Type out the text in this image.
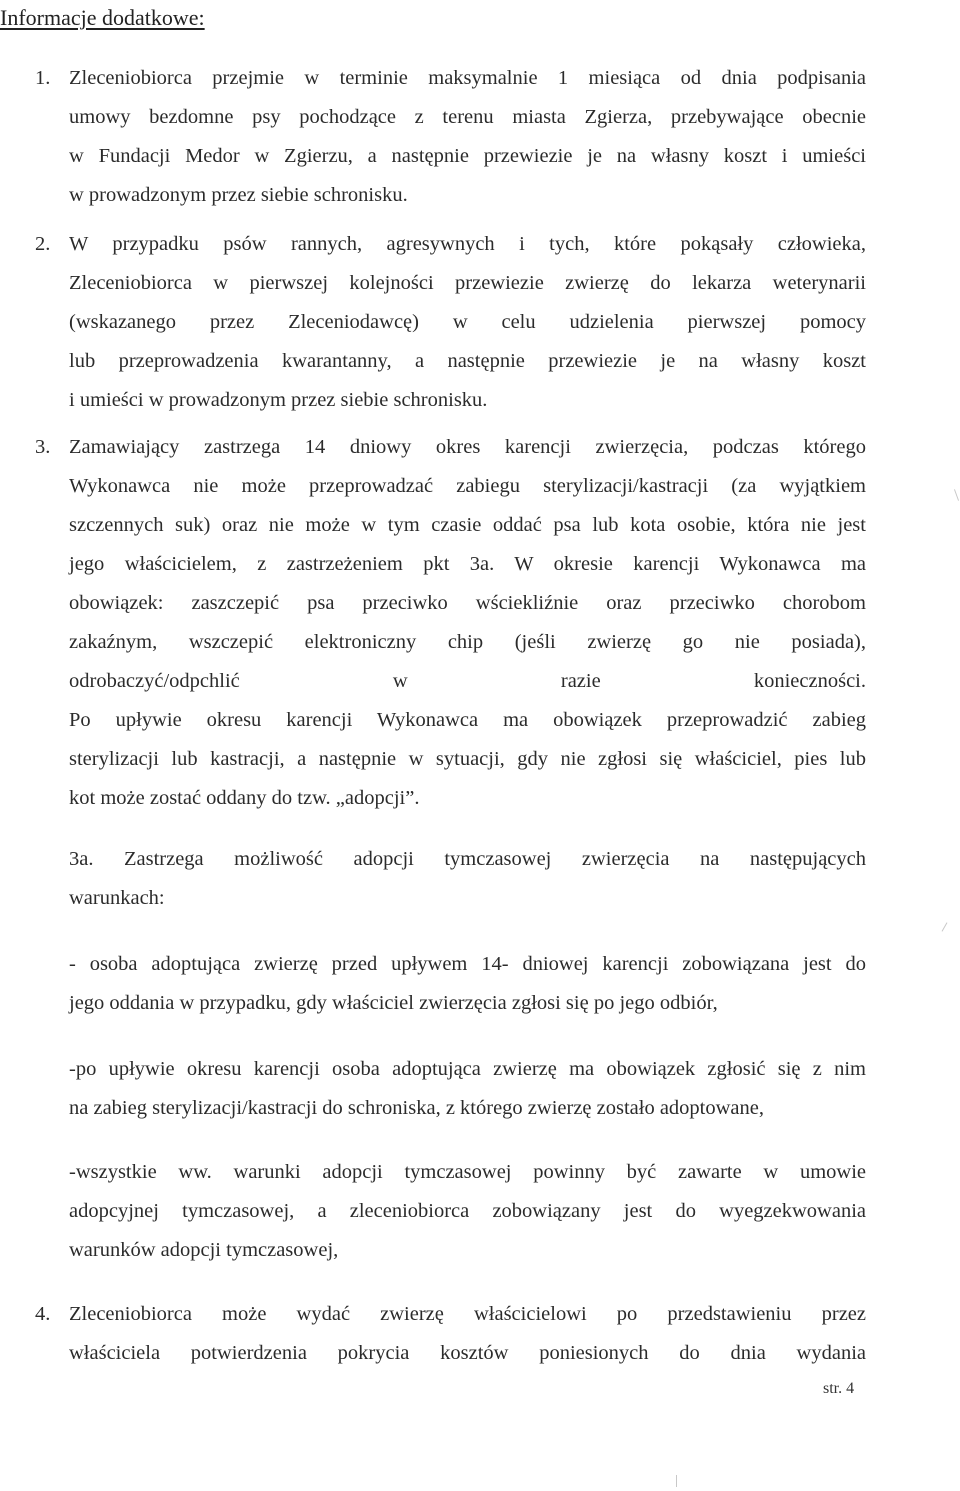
Informacje dodatkowe:
1. Zleceniobiorca przejmie w terminie maksymalnie 1 miesiąca od dnia podpisania
umowy bezdomne psy pochodzące z terenu miasta Zgierza, przebywające obecnie
w Fundacji Medor w Zgierzu, a następnie przewiezie je na własny koszt i umieści
w prowadzonym przez siebie schronisku.
2. W przypadku psów rannych, agresywnych i tych, które pokąsały człowieka,
Zleceniobiorca w pierwszej kolejności przewiezie zwierzę do lekarza weterynarii
(wskazanego przez Zleceniodawcę) w celu udzielenia pierwszej pomocy
lub przeprowadzenia kwarantanny, a następnie przewiezie je na własny koszt
i umieści w prowadzonym przez siebie schronisku.
3. Zamawiający zastrzega 14 dniowy okres karencji zwierzęcia, podczas którego
Wykonawca nie może przeprowadzać zabiegu sterylizacji/kastracji (za wyjątkiem
szczennych suk) oraz nie może w tym czasie oddać psa lub kota osobie, która nie jest
jego właścicielem, z zastrzeżeniem pkt 3a. W okresie karencji Wykonawca ma
obowiązek: zaszczepić psa przeciwko wściekliźnie oraz przeciwko chorobom
zakaźnym, wszczepić elektroniczny chip (jeśli zwierzę go nie posiada),
odrobaczyć/odpchlić w razie konieczności.
Po upływie okresu karencji Wykonawca ma obowiązek przeprowadzić zabieg
sterylizacji lub kastracji, a następnie w sytuacji, gdy nie zgłosi się właściciel, pies lub
kot może zostać oddany do tzw. „adopcji”.
3a. Zastrzega możliwość adopcji tymczasowej zwierzęcia na następujących
warunkach:
- osoba adoptująca zwierzę przed upływem 14- dniowej karencji zobowiązana jest do
jego oddania w przypadku, gdy właściciel zwierzęcia zgłosi się po jego odbiór,
-po upływie okresu karencji osoba adoptująca zwierzę ma obowiązek zgłosić się z nim
na zabieg sterylizacji/kastracji do schroniska, z którego zwierzę zostało adoptowane,
-wszystkie ww. warunki adopcji tymczasowej powinny być zawarte w umowie
adopcyjnej tymczasowej, a zleceniobiorca zobowiązany jest do wyegzekwowania
warunków adopcji tymczasowej,
4. Zleceniobiorca może wydać zwierzę właścicielowi po przedstawieniu przez
właściciela potwierdzenia pokrycia kosztów poniesionych do dnia wydania
str. 4
